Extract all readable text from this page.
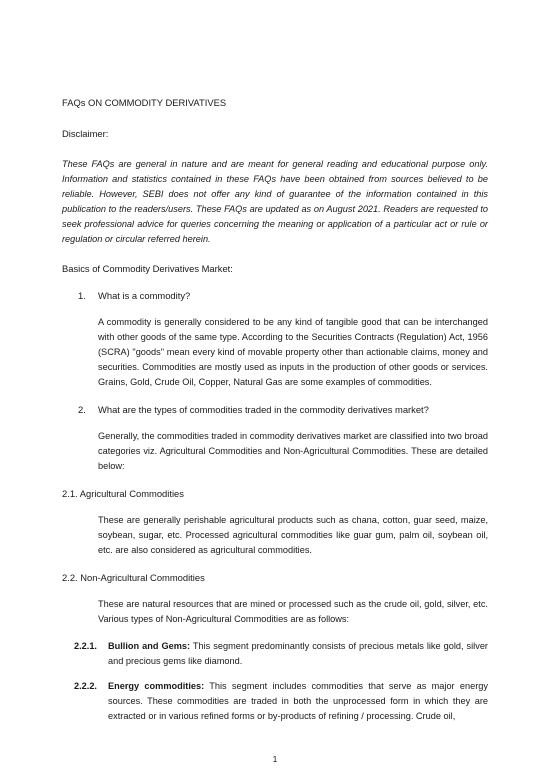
FAQs ON COMMODITY DERIVATIVES
Disclaimer:

These FAQs are general in nature and are meant for general reading and educational purpose only. Information and statistics contained in these FAQs have been obtained from sources believed to be reliable. However, SEBI does not offer any kind of guarantee of the information contained in this publication to the readers/users. These FAQs are updated as on August 2021. Readers are requested to seek professional advice for queries concerning the meaning or application of a particular act or rule or regulation or circular referred herein.

Basics of Commodity Derivatives Market:
1.	What is a commodity?

A commodity is generally considered to be any kind of tangible good that can be interchanged with other goods of the same type. According to the Securities Contracts (Regulation) Act, 1956 (SCRA) "goods" mean every kind of movable property other than actionable claims, money and securities. Commodities are mostly used as inputs in the production of other goods or services. Grains, Gold, Crude Oil, Copper, Natural Gas are some examples of commodities.

2.	What are the types of commodities traded in the commodity derivatives market?

Generally, the commodities traded in commodity derivatives market are classified into two broad categories viz. Agricultural Commodities and Non-Agricultural Commodities. These are detailed below:

2.1. Agricultural Commodities

These are generally perishable agricultural products such as chana, cotton, guar seed, maize, soybean, sugar, etc. Processed agricultural commodities like guar gum, palm oil, soybean oil, etc. are also considered as agricultural commodities.

2.2. Non-Agricultural Commodities

These are natural resources that are mined or processed such as the crude oil, gold, silver, etc. Various types of Non-Agricultural Commodities are as follows:

2.2.1.	Bullion and Gems: This segment predominantly consists of precious metals like gold, silver and precious gems like diamond.
2.2.2.	Energy commodities: This segment includes commodities that serve as major energy sources. These commodities are traded in both the unprocessed form in which they are extracted or in various refined forms or by-products of refining / processing. Crude oil,
1
